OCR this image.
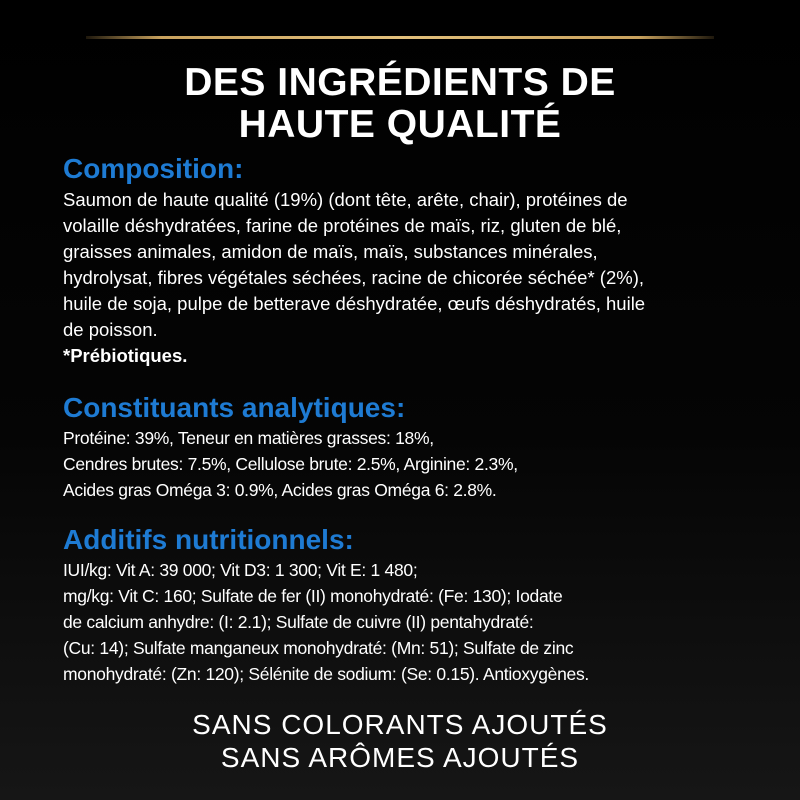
DES INGRÉDIENTS DE
HAUTE QUALITÉ
Composition:
Saumon de haute qualité (19%) (dont tête, arête, chair), protéines de
volaille déshydratées, farine de protéines de maïs, riz, gluten de blé,
graisses animales, amidon de maïs, maïs, substances minérales,
hydrolysat, fibres végétales séchées, racine de chicorée séchée* (2%),
huile de soja, pulpe de betterave déshydratée, œufs déshydratés, huile
de poisson.
*Prébiotiques.
Constituants analytiques:
Protéine: 39%, Teneur en matières grasses: 18%,
Cendres brutes: 7.5%, Cellulose brute: 2.5%, Arginine: 2.3%,
Acides gras Oméga 3: 0.9%, Acides gras Oméga 6: 2.8%.
Additifs nutritionnels:
IUI/kg: Vit A: 39 000; Vit D3: 1 300; Vit E: 1 480;
mg/kg: Vit C: 160; Sulfate de fer (II) monohydraté: (Fe: 130); Iodate
de calcium anhydre: (I: 2.1); Sulfate de cuivre (II) pentahydraté:
(Cu: 14); Sulfate manganeux monohydraté: (Mn: 51); Sulfate de zinc
monohydraté: (Zn: 120); Sélénite de sodium: (Se: 0.15). Antioxygènes.
SANS COLORANTS AJOUTÉS
SANS ARÔMES AJOUTÉS
